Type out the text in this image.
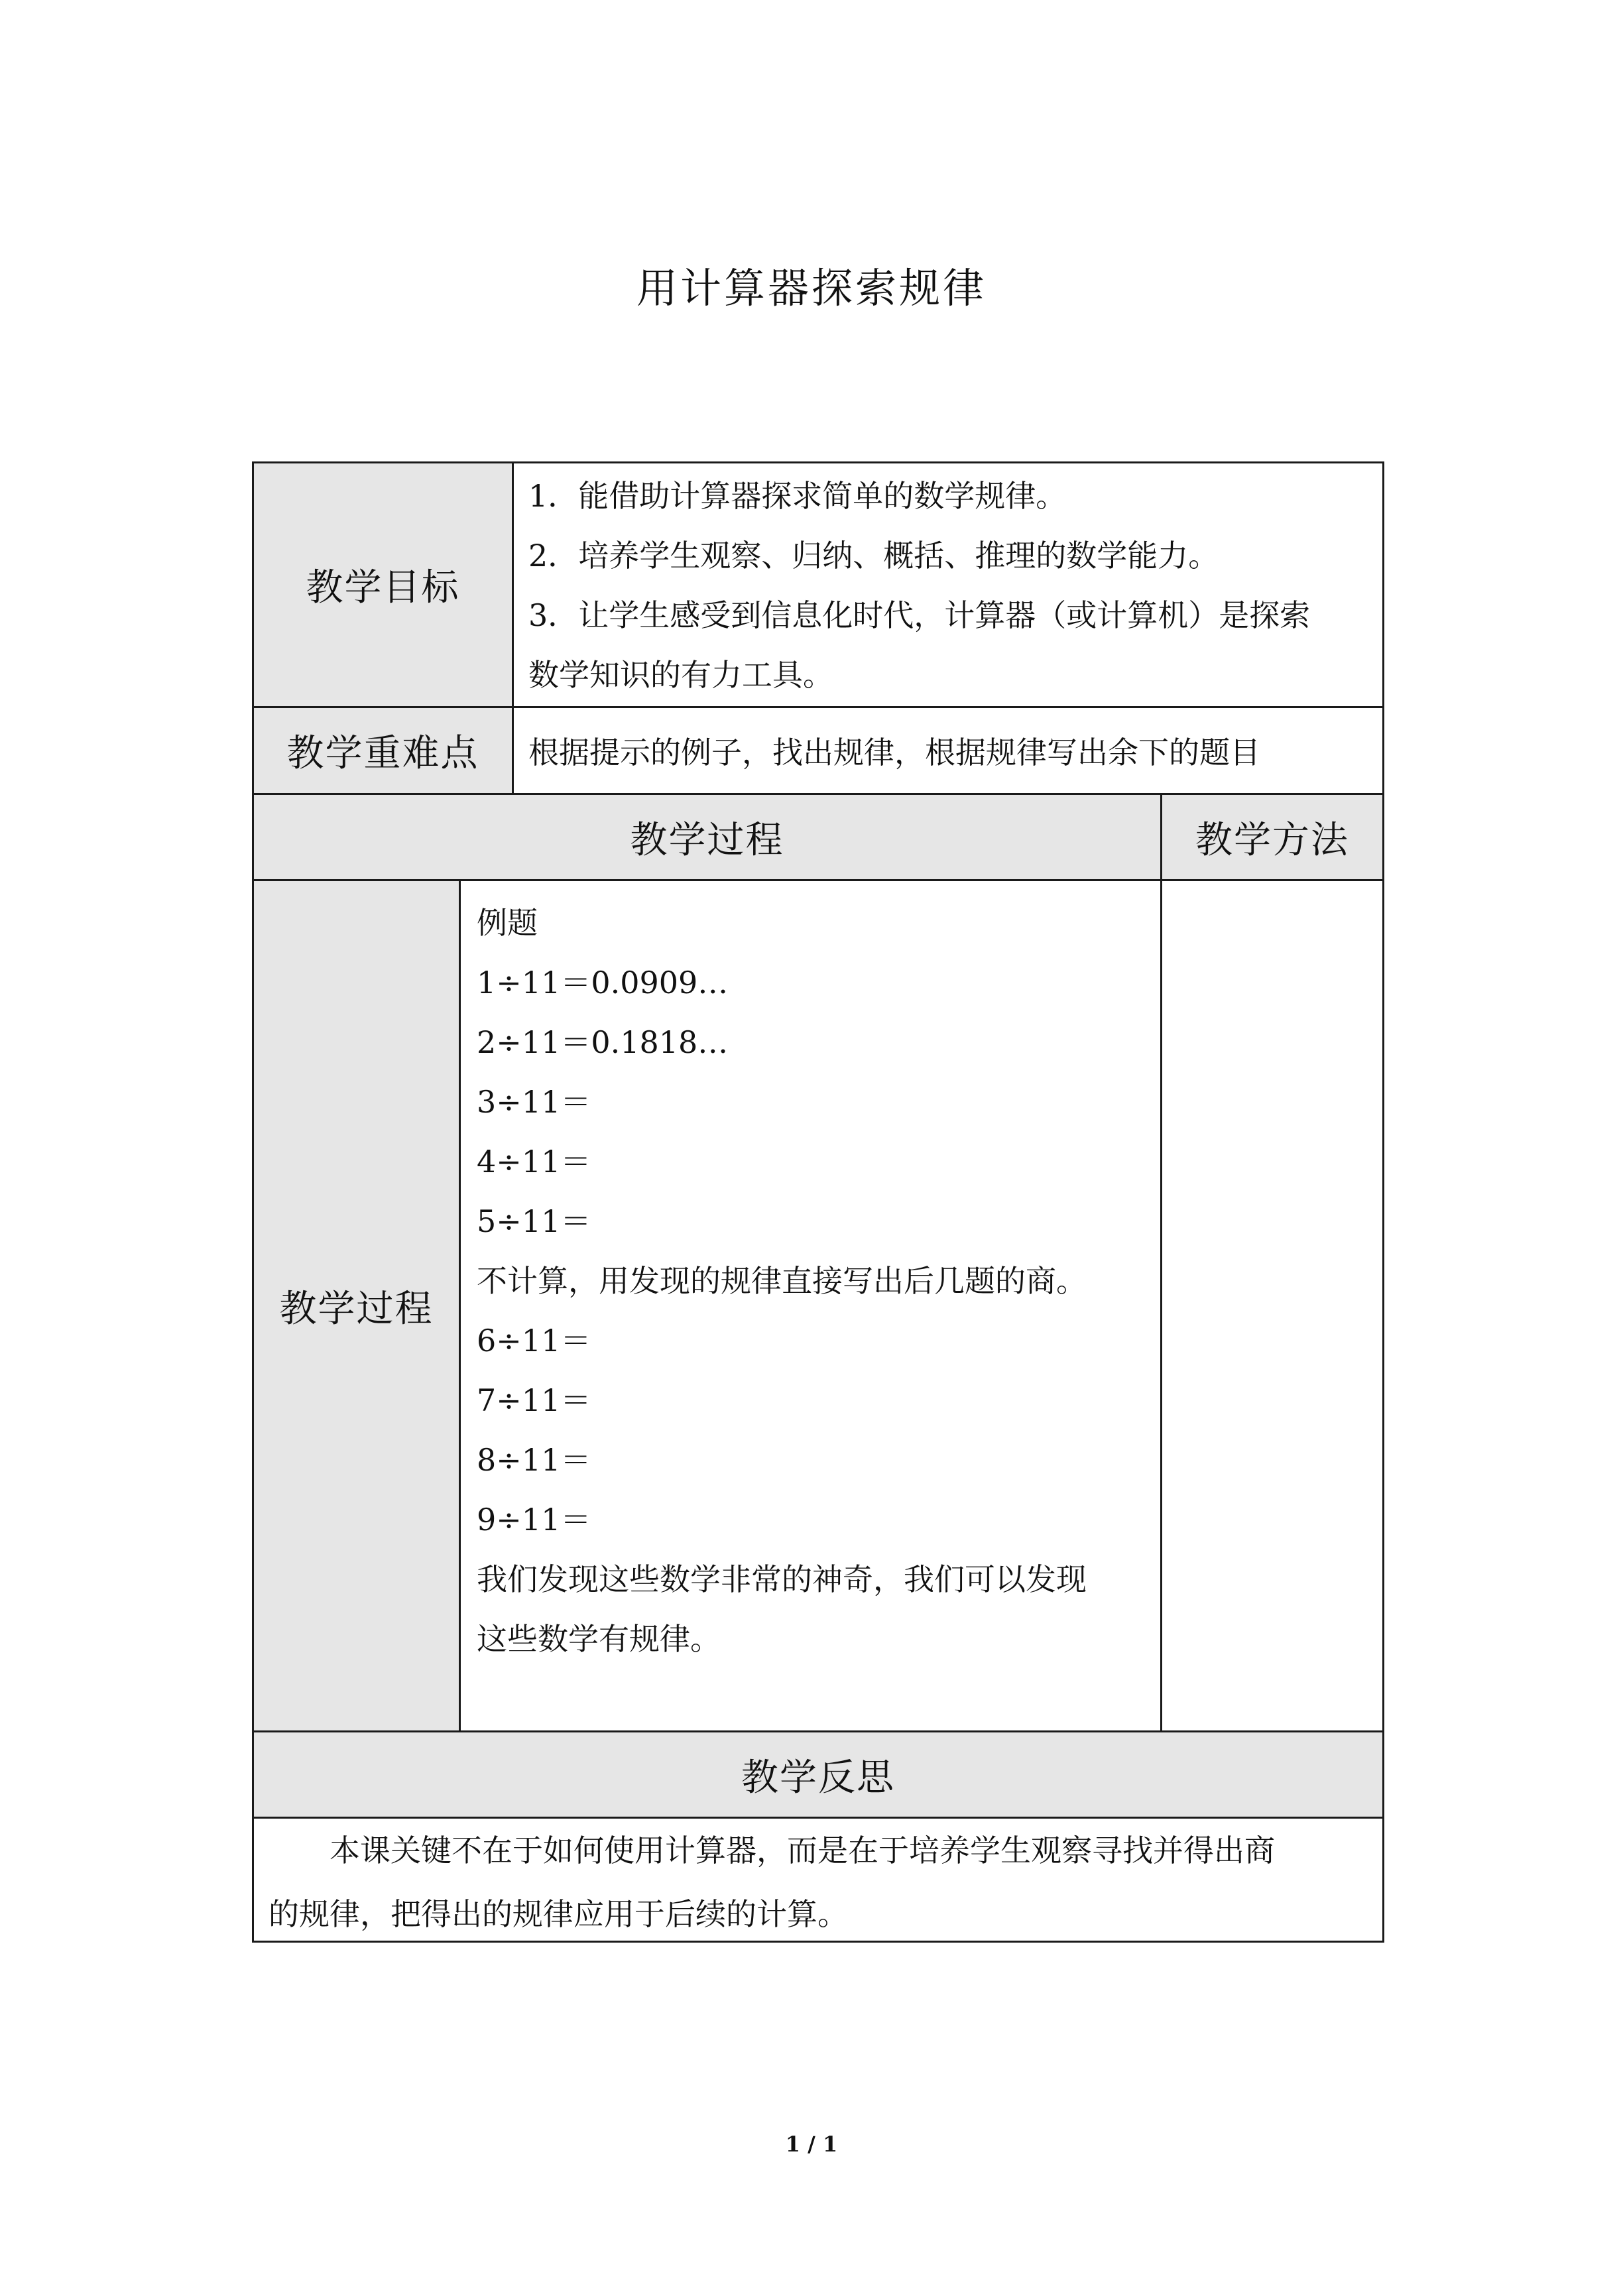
用计算器探索规律
教学目标
1．能借助计算器探求简单的数学规律。
2．培养学生观察、归纳、概括、推理的数学能力。
3．让学生感受到信息化时代，计算器（或计算机）是探索
数学知识的有力工具。
教学重难点 根据提示的例子，找出规律，根据规律写出余下的题目
教学过程	教学方法
教学过程
例题
1÷11＝0.0909…
2÷11＝0.1818…
3÷11＝
4÷11＝
5÷11＝
不计算，用发现的规律直接写出后几题的商。
6÷11＝
7÷11＝
8÷11＝
9÷11＝
我们发现这些数学非常的神奇，我们可以发现
这些数学有规律。
教学反思
本课关键不在于如何使用计算器，而是在于培养学生观察寻找并得出商
的规律，把得出的规律应用于后续的计算。
1 / 1
